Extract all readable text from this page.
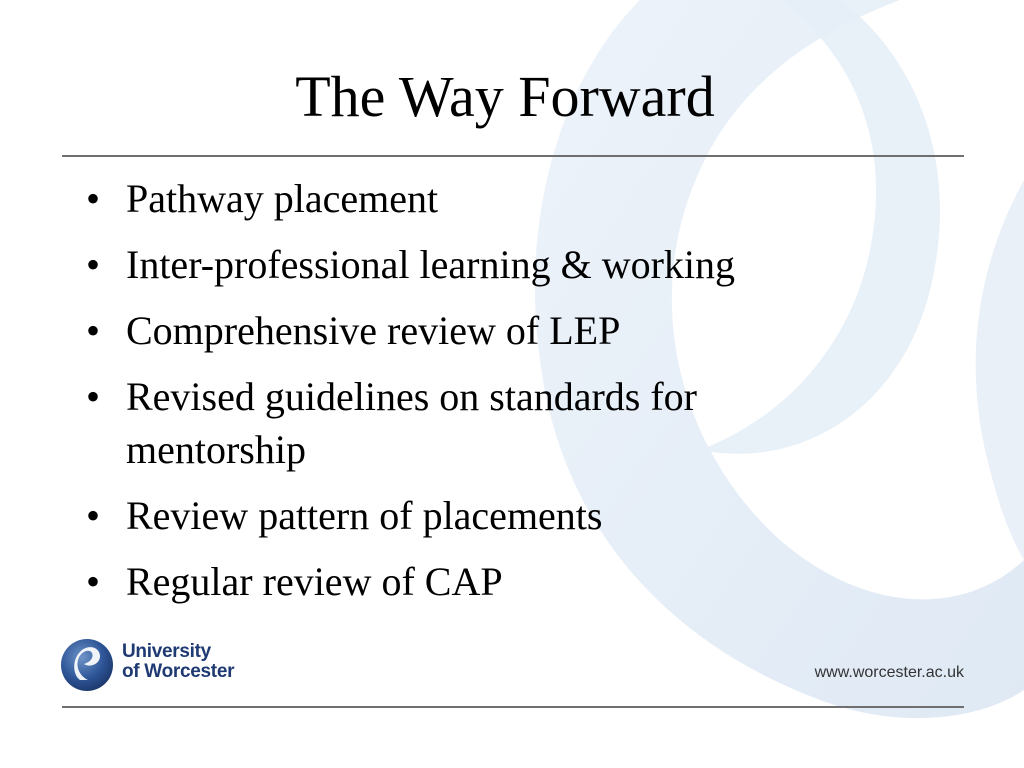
The Way Forward
• Pathway placement
• Inter-professional learning & working
• Comprehensive review of LEP
• Revised guidelines on standards for mentorship
• Review pattern of placements
• Regular review of CAP
University
of Worcester	www.worcester.ac.uk
